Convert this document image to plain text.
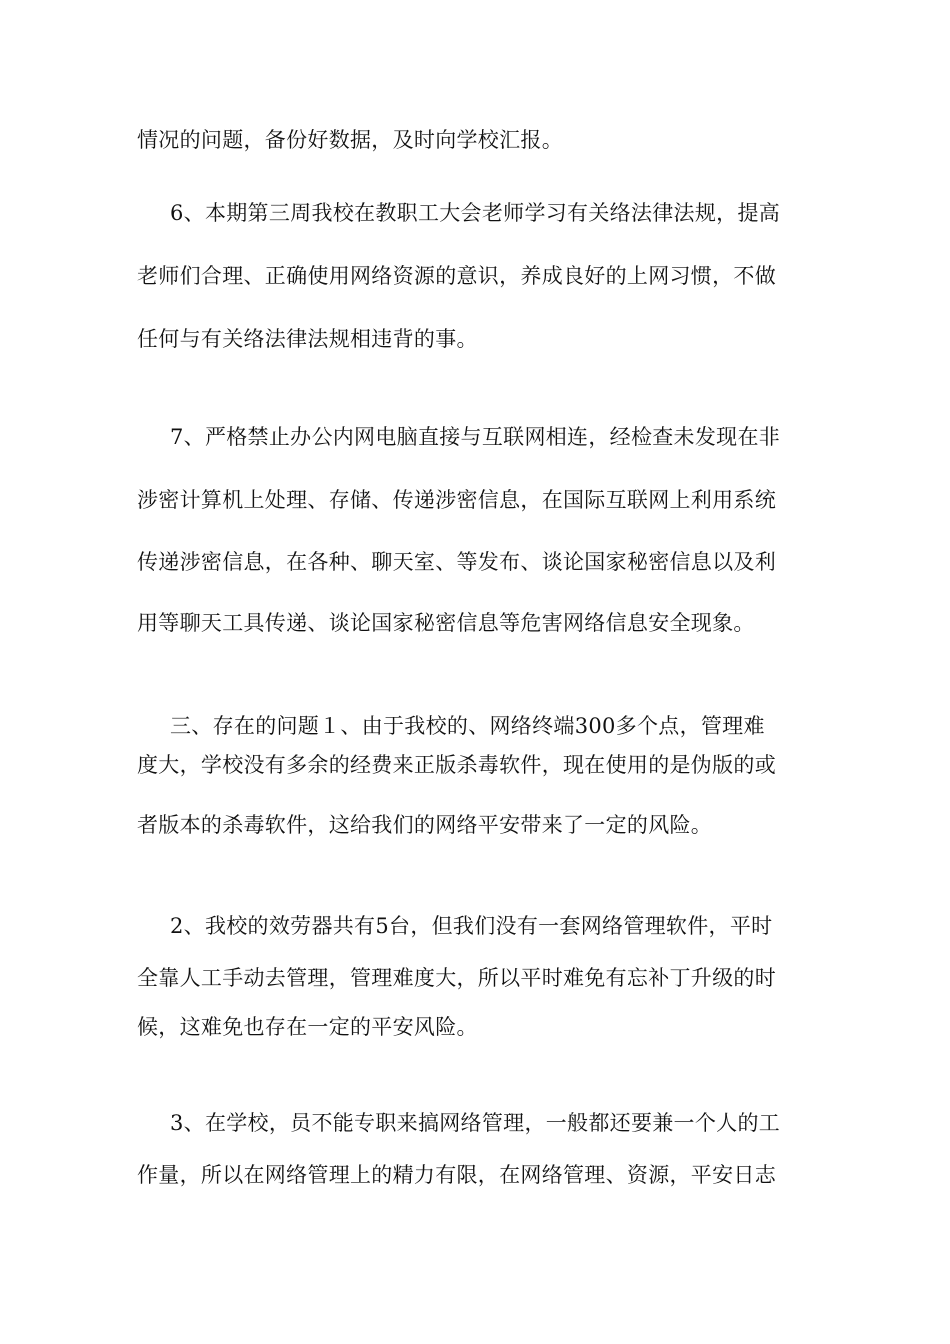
情况的问题，备份好数据，及时向学校汇报。
6、本期第三周我校在教职工大会老师学习有关络法律法规，提高
老师们合理、正确使用网络资源的意识，养成良好的上网习惯，不做
任何与有关络法律法规相违背的事。
7、严格禁止办公内网电脑直接与互联网相连，经检查未发现在非
涉密计算机上处理、存储、传递涉密信息，在国际互联网上利用系统
传递涉密信息，在各种、聊天室、等发布、谈论国家秘密信息以及利
用等聊天工具传递、谈论国家秘密信息等危害网络信息安全现象。
三、存在的问题１、由于我校的、网络终端300多个点，管理难
度大，学校没有多余的经费来正版杀毒软件，现在使用的是伪版的或
者版本的杀毒软件，这给我们的网络平安带来了一定的风险。
2、我校的效劳器共有5台，但我们没有一套网络管理软件，平时
全靠人工手动去管理，管理难度大，所以平时难免有忘补丁升级的时
候，这难免也存在一定的平安风险。
3、在学校，员不能专职来搞网络管理，一般都还要兼一个人的工
作量，所以在网络管理上的精力有限，在网络管理、资源，平安日志
